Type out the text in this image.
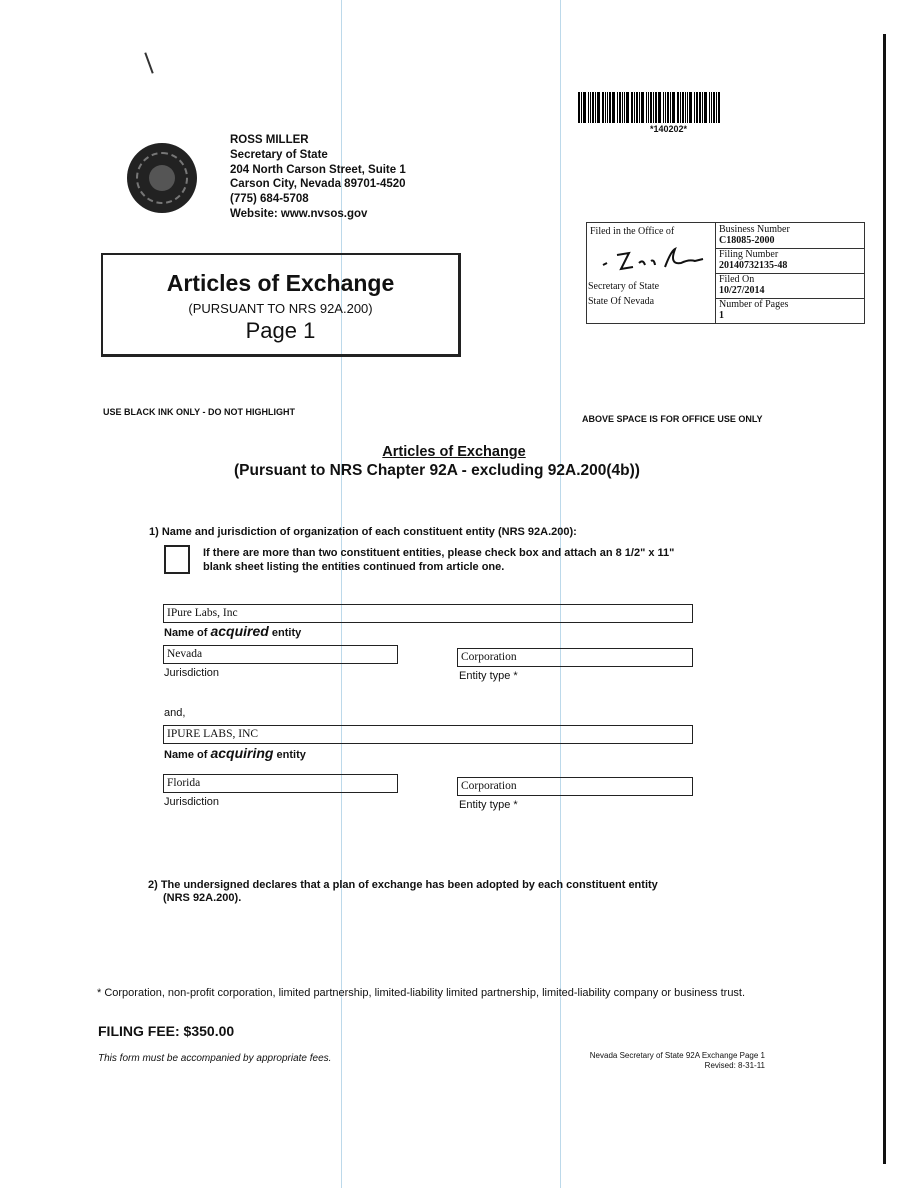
ROSS MILLER
Secretary of State
204 North Carson Street, Suite 1
Carson City, Nevada 89701-4520
(775) 684-5708
Website: www.nvsos.gov
*140202*
Filed in the Office of
Secretary of State
State Of Nevada
Business Number
C18085-2000
Filing Number
20140732135-48
Filed On
10/27/2014
Number of Pages
1
Articles of Exchange
(PURSUANT TO NRS 92A.200)
Page 1
USE BLACK INK ONLY - DO NOT HIGHLIGHT
ABOVE SPACE IS FOR OFFICE USE ONLY
Articles of Exchange
(Pursuant to NRS Chapter 92A - excluding 92A.200(4b))
1) Name and jurisdiction of organization of each constituent entity (NRS 92A.200):
If there are more than two constituent entities, please check box and attach an 8 1/2" x 11"
blank sheet listing the entities continued from article one.
IPure Labs, Inc
Name of acquired entity
Nevada
Jurisdiction
Corporation
Entity type *
and,
IPURE LABS, INC
Name of acquiring entity
Florida
Jurisdiction
Corporation
Entity type *
2) The undersigned declares that a plan of exchange has been adopted by each constituent entity
(NRS 92A.200).
* Corporation, non-profit corporation, limited partnership, limited-liability limited partnership, limited-liability company or business trust.
FILING FEE: $350.00
This form must be accompanied by appropriate fees.	Nevada Secretary of State 92A Exchange Page 1
Revised: 8-31-11
